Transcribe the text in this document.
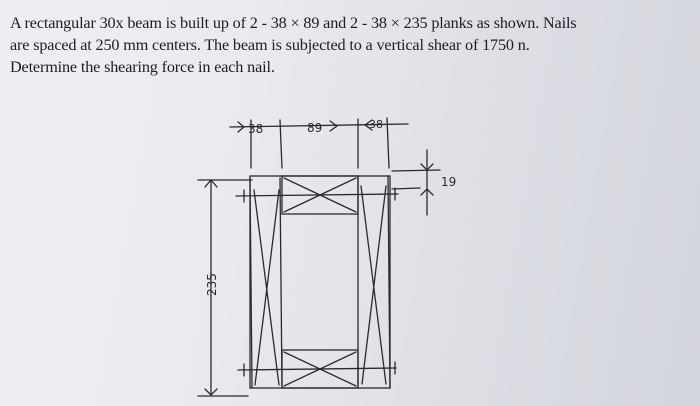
A rectangular 30x beam is built up of 2 - 38 × 89 and 2 - 38 × 235 planks as shown. Nails
are spaced at 250 mm centers. The beam is subjected to a vertical shear of 1750 n.
Determine the shearing force in each nail.

38	89	38
19
235
